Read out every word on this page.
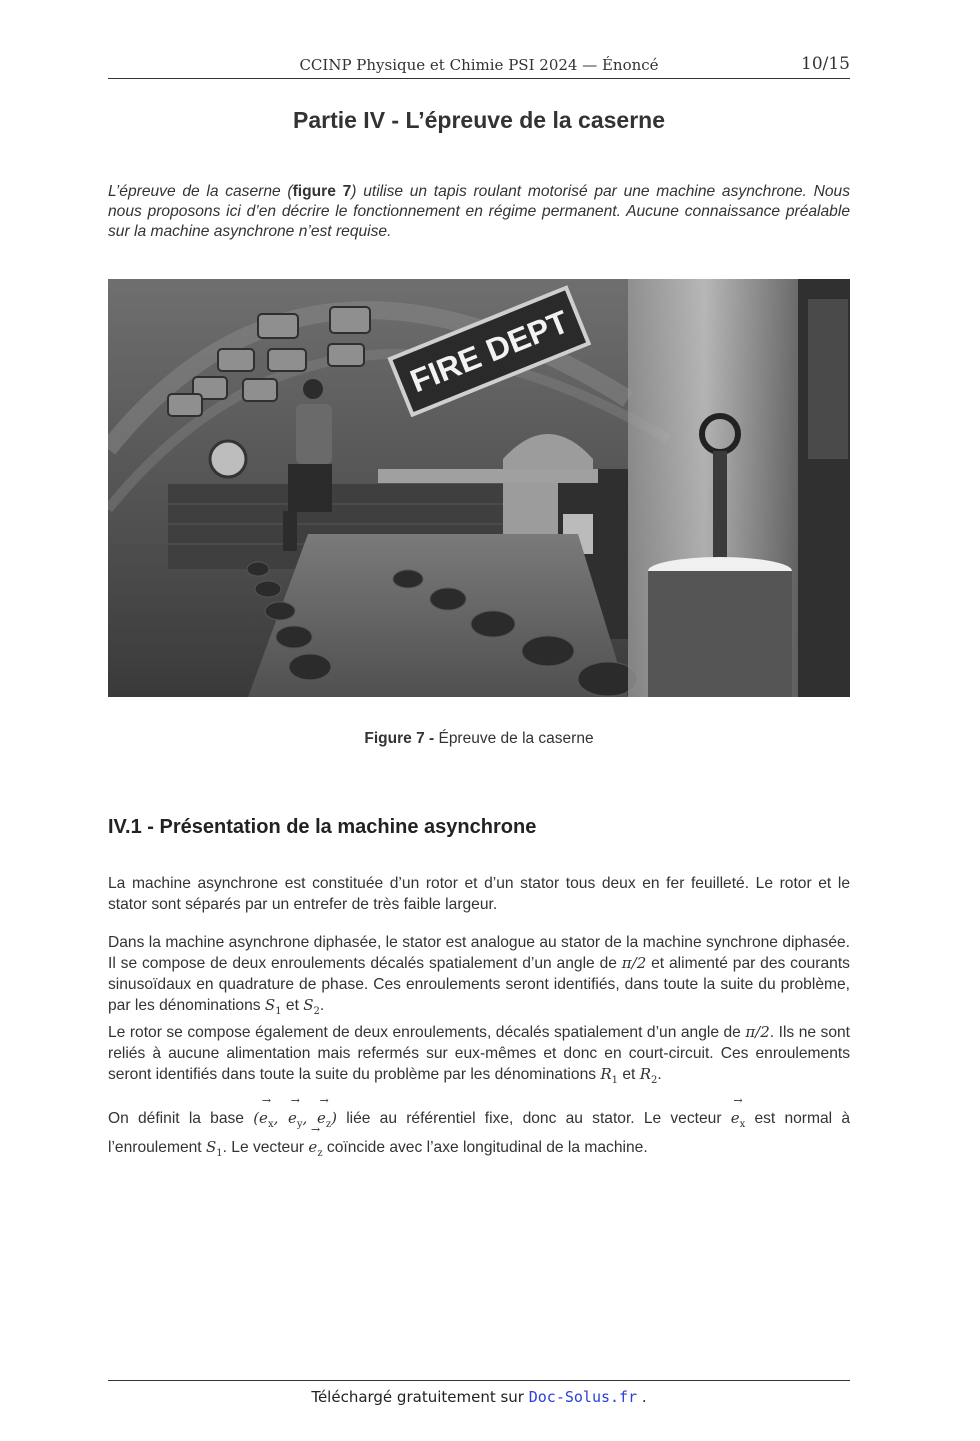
CCINP Physique et Chimie PSI 2024 — Énoncé	10/15
Partie IV - L’épreuve de la caserne
L’épreuve de la caserne (figure 7) utilise un tapis roulant motorisé par une machine asynchrone. Nous nous proposons ici d’en décrire le fonctionnement en régime permanent. Aucune connaissance préalable sur la machine asynchrone n’est requise.
FIRE DEPT
Figure 7 - Épreuve de la caserne
IV.1 - Présentation de la machine asynchrone
La machine asynchrone est constituée d’un rotor et d’un stator tous deux en fer feuilleté. Le rotor et le stator sont séparés par un entrefer de très faible largeur.
Dans la machine asynchrone diphasée, le stator est analogue au stator de la machine synchrone diphasée. Il se compose de deux enroulements décalés spatialement d’un angle de π/2 et alimenté par des courants sinusoïdaux en quadrature de phase. Ces enroulements seront identifiés, dans toute la suite du problème, par les dénominations $S_1$ et $S_2$.
Le rotor se compose également de deux enroulements, décalés spatialement d’un angle de π/2. Ils ne sont reliés à aucune alimentation mais refermés sur eux-mêmes et donc en court-circuit. Ces enroulements seront identifiés dans toute la suite du problème par les dénominations $R_1$ et $R_2$.
On définit la base (→ $e_x$, → $e_y$, → $e_z$) liée au référentiel fixe, donc au stator. Le vecteur → $e_x$ est normal à l’enroulement $S_1$. Le vecteur → $e_z$ coïncide avec l’axe longitudinal de la machine.
Téléchargé gratuitement sur Doc-Solus.fr .
